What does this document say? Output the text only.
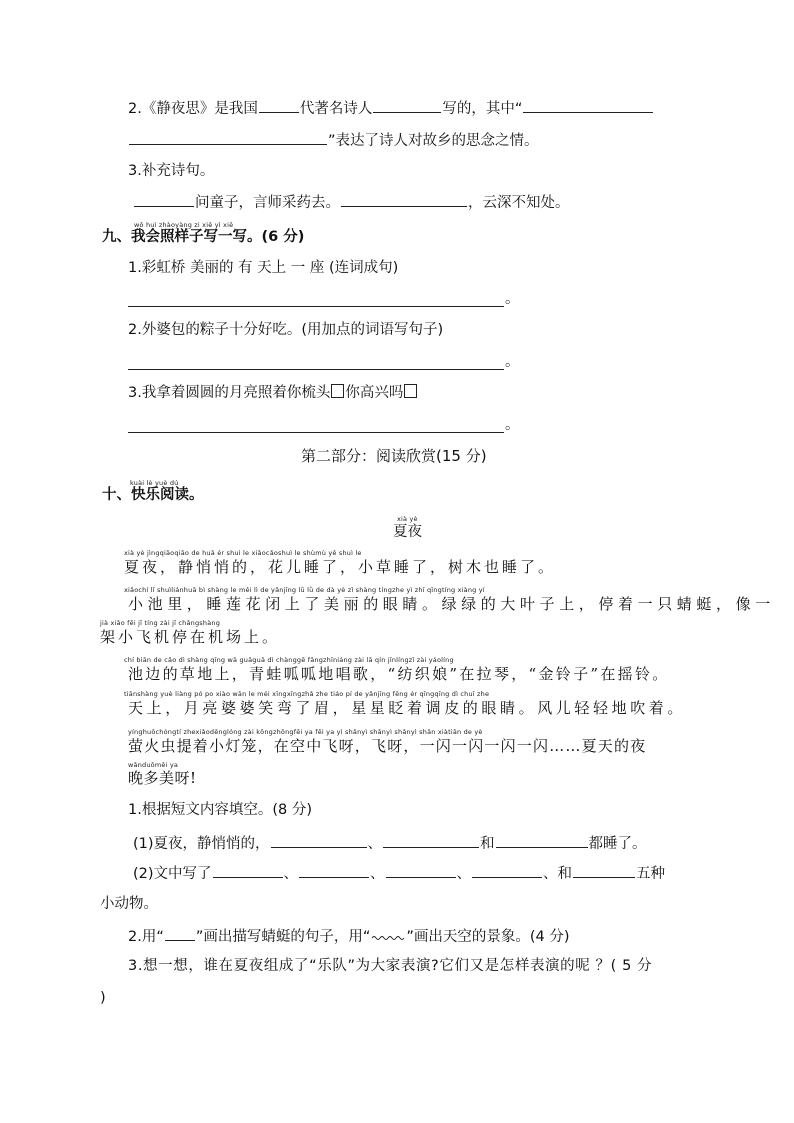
2.《静夜思》是我国	代著名诗人	写的，其中“
”表达了诗人对故乡的思念之情。
3.补充诗句。
问童子，言师采药去。	，云深不知处。
wǒ huì zhàoyàng zi xiě yì xiě
九、我会照样子写一写。(6 分)
1.彩虹桥 美丽的 有 天上 一 座 (连词成句)
。
2.外婆包的粽子十分好吃。(用加点的词语写句子)
。
3.我拿着圆圆的月亮照着你梳头 你高兴吗
。
第二部分：阅读欣赏(15 分)
kuài lè yuè dú
十、快乐阅读。
xià yè
夏夜
xià yè jìngqiāoqiāo de huā ér shuì le xiǎocǎoshuì le shùmù yě shuì le
夏夜，静悄悄的，花儿睡了，小草睡了，树木也睡了。
xiǎochí lǐ shuìliánhuā bì shàng le měi lì de yǎnjīng lǜ lǜ de dà yè zǐ shàng tíngzhe yì zhī qīngtíng xiàng yí
小池里，睡莲花闭上了美丽的眼睛。绿绿的大叶子上，停着一只蜻蜓，像一
jià xiǎo fēi jī tíng zài jī chǎngshàng
架小飞机停在机场上。
chí biān de cǎo dì shàng qīng wā guāguā dì chànggē fǎngzhīniáng zài lā qín jīnlíngzǐ zài yáolíng
池边的草地上，青蛙呱呱地唱歌，“纺织娘”在拉琴，“金铃子”在摇铃。
tiānshàng yuè liàng pó po xiào wān le méi xīngxīngzhǎ zhe tiáo pí de yǎnjīng fēng ér qīngqīng dì chuī zhe
天上，月亮婆婆笑弯了眉，星星眨着调皮的眼睛。风儿轻轻地吹着。
yínghuǒchóngtí zhexiǎodēnglóng zài kōngzhōngfēi ya fēi ya yì shǎnyì shǎnyì shǎnyì shǎn xiàtiān de yè
萤火虫提着小灯笼，在空中飞呀，飞呀，一闪一闪一闪一闪……夏天的夜
wǎnduōměi ya
晚多美呀!
1.根据短文内容填空。(8 分)
(1)夏夜，静悄悄的，	、	和	都睡了。
(2)文中写了	、	、	、	、和	五种
小动物。
2.用“ ”画出描写蜻蜓的句子，用“ ”画出天空的景象。(4 分)
3.想一想，谁在夏夜组成了“乐队”为大家表演?它们又是怎样表演的呢 ？( 5 分
)
